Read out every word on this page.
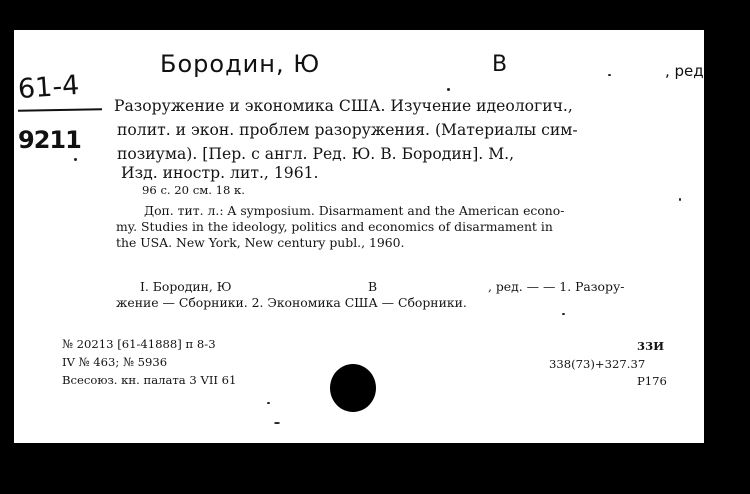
61-4
9211
Бородин, Ю	В	, ред
Разоружение и экономика США. Изучение идеологич.,
полит. и экон. проблем разоружения. (Материалы сим-
позиума). [Пер. с англ. Ред. Ю. В. Бородин]. М.,
Изд. иностр. лит., 1961.
96 с. 20 см. 18 к.
Доп. тит. л.: A symposium. Disarmament and the American econo-
my. Studies in the ideology, politics and economics of disarmament in
the USA. New York, New century publ., 1960.
I. Бородин, Ю	В	, ред. — — 1. Разору-
жение — Сборники. 2. Экономика США — Сборники.
№ 20213 [61-41888] п 8-3
IV № 463; № 5936
Всесоюз. кн. палата 3 VII 61
33И
338(73)+327.37
Р176
